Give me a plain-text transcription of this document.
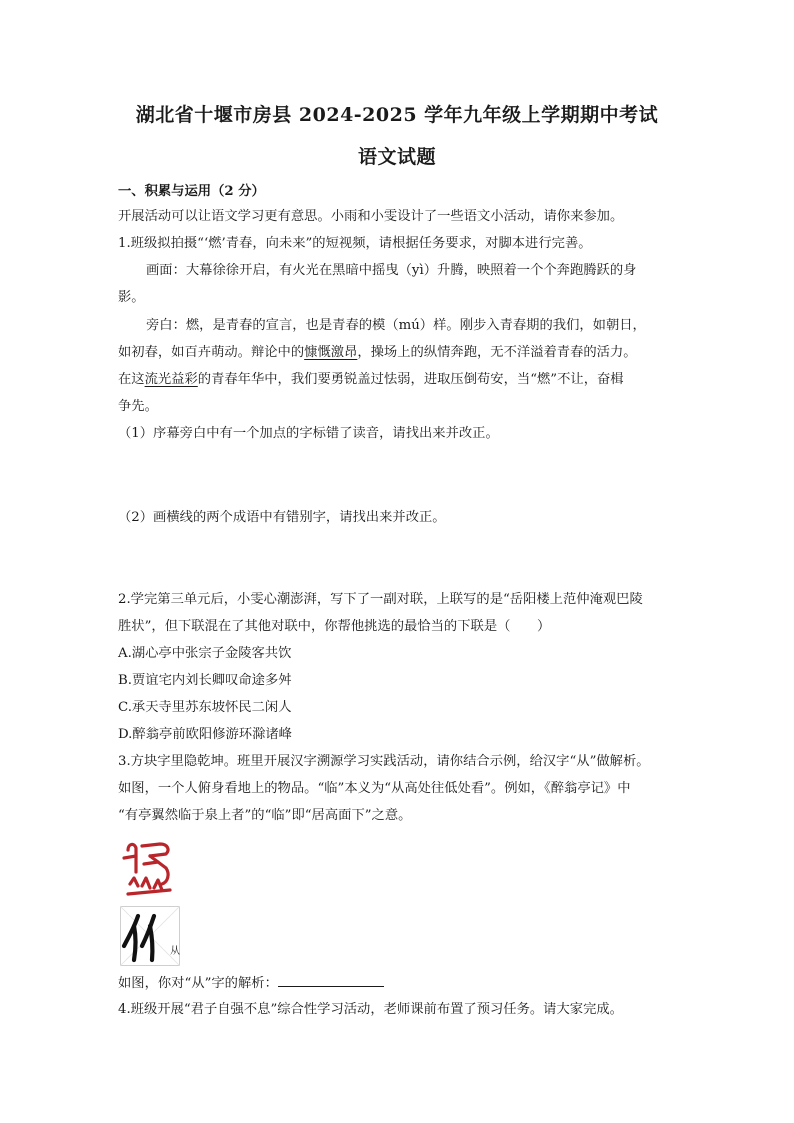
湖北省十堰市房县 2024-2025 学年九年级上学期期中考试
语文试题
一、积累与运用（2 分）
开展活动可以让语文学习更有意思。小雨和小雯设计了一些语文小活动，请你来参加。
1.班级拟拍摄“‘燃’青春，向未来”的短视频，请根据任务要求，对脚本进行完善。
画面：大幕徐徐开启，有火光在黑暗中摇曳（yì）升腾，映照着一个个奔跑腾跃的身
影。
旁白：燃，是青春的宣言，也是青春的模（mú）样。刚步入青春期的我们，如朝日，
如初春，如百卉萌动。辩论中的慷慨激昂，操场上的纵情奔跑，无不洋溢着青春的活力。
在这流光益彩的青春年华中，我们要勇锐盖过怯弱，进取压倒苟安，当“燃”不让，奋楫
争先。
（1）序幕旁白中有一个加点的字标错了读音，请找出来并改正。
（2）画横线的两个成语中有错别字，请找出来并改正。
2.学完第三单元后，小雯心潮澎湃，写下了一副对联，上联写的是“岳阳楼上范仲淹观巴陵
胜状”，但下联混在了其他对联中，你帮他挑选的最恰当的下联是（　　）
A.湖心亭中张宗子金陵客共饮
B.贾谊宅内刘长卿叹命途多舛
C.承天寺里苏东坡怀民二闲人
D.醉翁亭前欧阳修游环滁诸峰
3.方块字里隐乾坤。班里开展汉字溯源学习实践活动，请你结合示例，给汉字“从”做解析。
如图，一个人俯身看地上的物品。“临”本义为“从高处往低处看”。例如，《醉翁亭记》中
“有亭翼然临于泉上者”的“临”即“居高面下”之意。
从
如图，你对“从”字的解析：
4.班级开展“君子自强不息”综合性学习活动，老师课前布置了预习任务。请大家完成。
